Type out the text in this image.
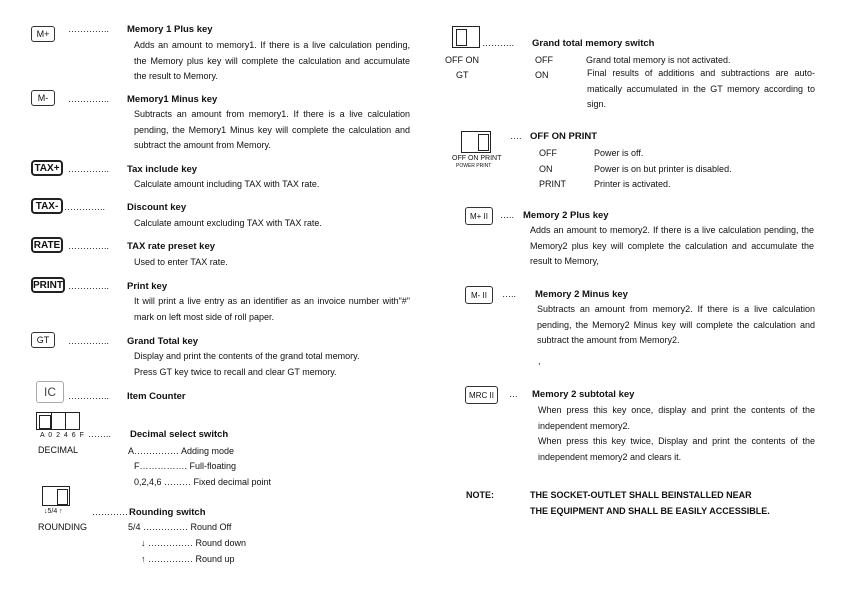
M+	………….. Memory 1 Plus key
Adds an amount to memory1. If there is a live calculation pending, the Memory plus key will complete the calculation and accumulate the result to Memory.
M-	………….. Memory1 Minus key
Subtracts an amount from memory1. If there is a live calculation pending, the Memory1 Minus key will complete the calculation and subtract the amount from Memory.
TAX+ ………….. Tax include key
Calculate amount including TAX with TAX rate.
TAX- ………….. Discount key
Calculate amount excluding TAX with TAX rate.
RATE ………….. TAX rate preset key
Used to enter TAX rate.
PRINT ………….. Print key
It will print a live entry as an identifier as an invoice number with"#" mark on left most side of roll paper.
GT	………….. Grand Total key
Display and print the contents of the grand total memory.
Press GT key twice to recall and clear GT memory.
IC	………….. Item Counter
A 0 2 4 6 F
DECIMAL
…….. Decimal select switch
A…………… Adding mode
F……………. Full-floating
0,2,4,6 ……… Fixed decimal point
↓5/4 ↑
ROUNDING
………… Rounding switch
5/4 …………… Round Off
↓ …………… Round down
↑ …………… Round up
OFF ON
GT
……….. Grand total memory switch
OFF	Grand total memory is not activated.
ON	Final results of additions and subtractions are auto-matically accumulated in the GT memory according to sign.
OFF ON PRINT
POWER PRINT
…. OFF ON PRINT
OFF	Power is off.
ON	Power is on but printer is disabled.
PRINT	Printer is activated.
M+ II	….. Memory 2 Plus key
Adds an amount to memory2. If there is a live calculation pending, the Memory2 plus key will complete the calculation and accumulate the result to Memory,
M- II	….. Memory 2 Minus key
Subtracts an amount from memory2. If there is a live calculation pending, the Memory2 Minus key will complete the calculation and subtract the amount from Memory2.
,
MRC II	… Memory 2 subtotal key
When press this key once, display and print the contents of the independent memory2.
When press this key twice, Display and print the contents of the independent memory2 and clears it.
NOTE:	THE SOCKET-OUTLET SHALL BEINSTALLED NEAR
THE EQUIPMENT AND SHALL BE EASILY ACCESSIBLE.
